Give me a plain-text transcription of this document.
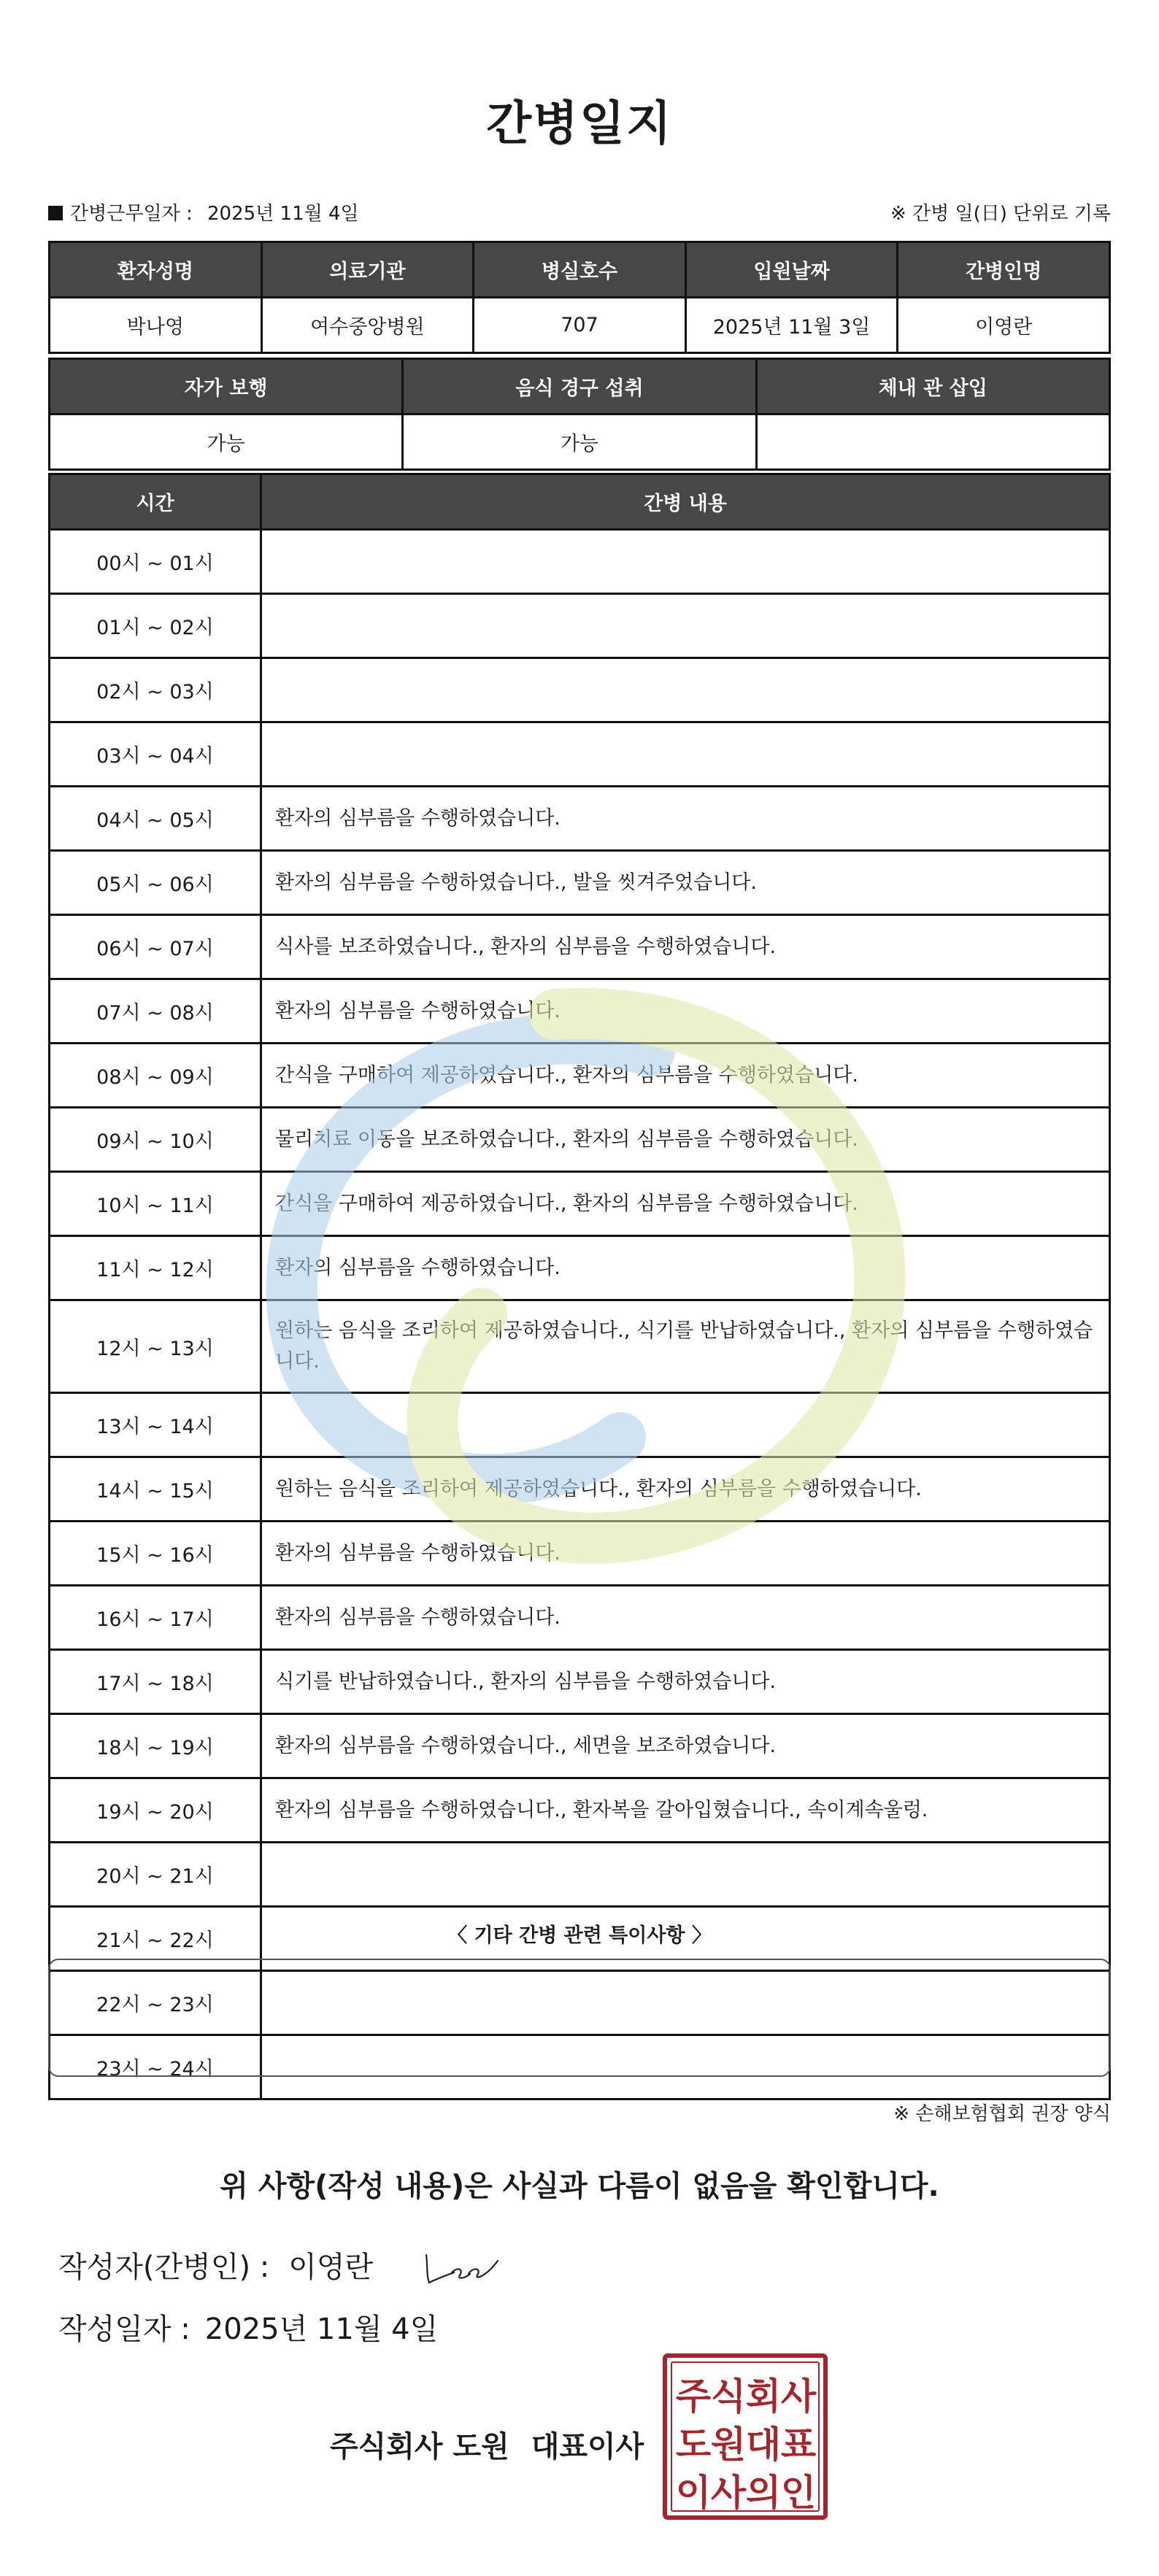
간병일지
간병근무일자 : 2025년 11월 4일	※ 간병 일(日) 단위로 기록
환자성명	의료기관	병실호수	입원날짜	간병인명
박나영	여수중앙병원	707	2025년 11월 3일	이영란
자가 보행	음식 경구 섭취	체내 관 삽입
가능	가능	
시간	간병 내용
00시 ~ 01시	
01시 ~ 02시	
02시 ~ 03시	
03시 ~ 04시	
04시 ~ 05시	환자의 심부름을 수행하였습니다.
05시 ~ 06시	환자의 심부름을 수행하였습니다., 발을 씻겨주었습니다.
06시 ~ 07시	식사를 보조하였습니다., 환자의 심부름을 수행하였습니다.
07시 ~ 08시	환자의 심부름을 수행하였습니다.
08시 ~ 09시	간식을 구매하여 제공하였습니다., 환자의 심부름을 수행하였습니다.
09시 ~ 10시	물리치료 이동을 보조하였습니다., 환자의 심부름을 수행하였습니다.
10시 ~ 11시	간식을 구매하여 제공하였습니다., 환자의 심부름을 수행하였습니다.
11시 ~ 12시	환자의 심부름을 수행하였습니다.
12시 ~ 13시	원하는 음식을 조리하여 제공하였습니다., 식기를 반납하였습니다., 환자의 심부름을 수행하였습니다.
13시 ~ 14시	
14시 ~ 15시	원하는 음식을 조리하여 제공하였습니다., 환자의 심부름을 수행하였습니다.
15시 ~ 16시	환자의 심부름을 수행하였습니다.
16시 ~ 17시	환자의 심부름을 수행하였습니다.
17시 ~ 18시	식기를 반납하였습니다., 환자의 심부름을 수행하였습니다.
18시 ~ 19시	환자의 심부름을 수행하였습니다., 세면을 보조하였습니다.
19시 ~ 20시	환자의 심부름을 수행하였습니다., 환자복을 갈아입혔습니다., 속이계속울렁.
20시 ~ 21시	
21시 ~ 22시	
22시 ~ 23시	
23시 ~ 24시	
〈 기타 간병 관련 특이사항 〉
※ 손해보험협회 권장 양식
위 사항(작성 내용)은 사실과 다름이 없음을 확인합니다.
작성자(간병인) : 이영란
작성일자 : 2025년 11월 4일
주식회사 도원 대표이사
주 식 회 사
도 원 대 표
이 사 의 인
